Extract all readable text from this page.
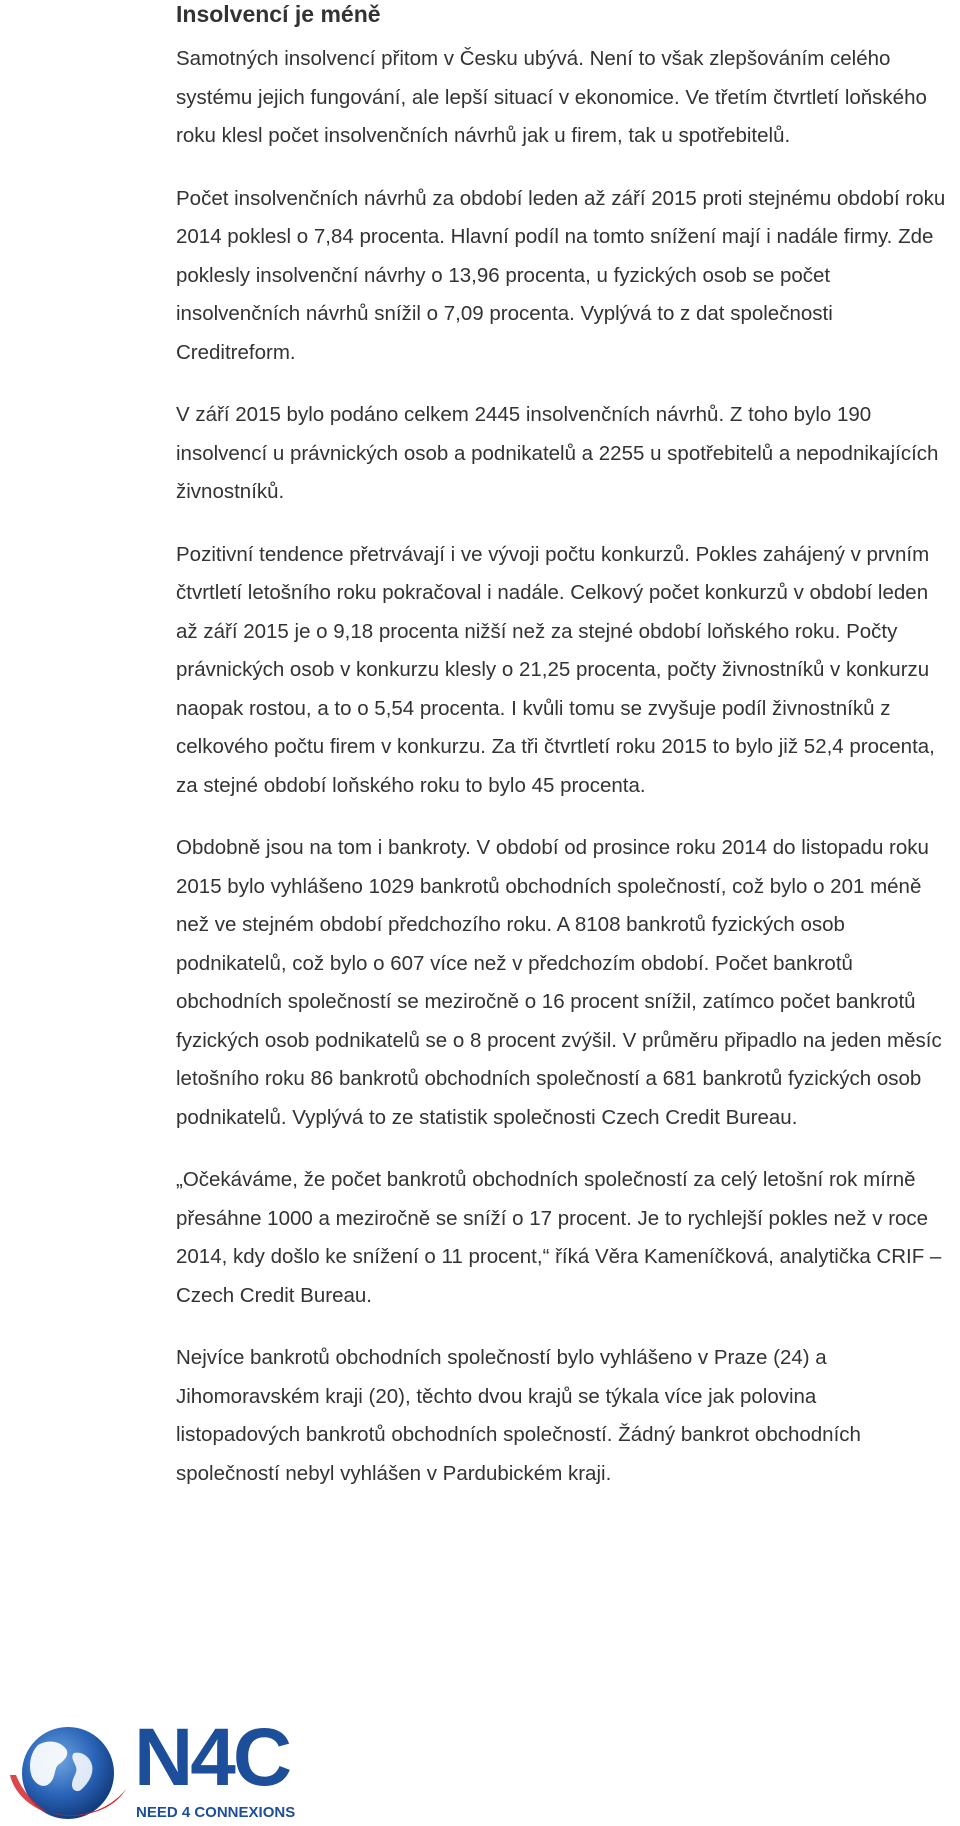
Insolvencí je méně

Samotných insolvencí přitom v Česku ubývá. Není to však zlepšováním celého systému jejich fungování, ale lepší situací v ekonomice. Ve třetím čtvrtletí loňského roku klesl počet insolvenčních návrhů jak u firem, tak u spotřebitelů.

Počet insolvenčních návrhů za období leden až září 2015 proti stejnému období roku 2014 poklesl o 7,84 procenta. Hlavní podíl na tomto snížení mají i nadále firmy. Zde poklesly insolvenční návrhy o 13,96 procenta, u fyzických osob se počet insolvenčních návrhů snížil o 7,09 procenta. Vyplývá to z dat společnosti Creditreform.

V září 2015 bylo podáno celkem 2445 insolvenčních návrhů. Z toho bylo 190 insolvencí u právnických osob a podnikatelů a 2255 u spotřebitelů a nepodnikajících živnostníků.

Pozitivní tendence přetrvávají i ve vývoji počtu konkurzů. Pokles zahájený v prvním čtvrtletí letošního roku pokračoval i nadále. Celkový počet konkurzů v období leden až září 2015 je o 9,18 procenta nižší než za stejné období loňského roku. Počty právnických osob v konkurzu klesly o 21,25 procenta, počty živnostníků v konkurzu naopak rostou, a to o 5,54 procenta. I kvůli tomu se zvyšuje podíl živnostníků z celkového počtu firem v konkurzu. Za tři čtvrtletí roku 2015 to bylo již 52,4 procenta, za stejné období loňského roku to bylo 45 procenta.

Obdobně jsou na tom i bankroty. V období od prosince roku 2014 do listopadu roku 2015 bylo vyhlášeno 1029 bankrotů obchodních společností, což bylo o 201 méně než ve stejném období předchozího roku. A 8108 bankrotů fyzických osob podnikatelů, což bylo o 607 více než v předchozím období. Počet bankrotů obchodních společností se meziročně o 16 procent snížil, zatímco počet bankrotů fyzických osob podnikatelů se o 8 procent zvýšil. V průměru připadlo na jeden měsíc letošního roku 86 bankrotů obchodních společností a 681 bankrotů fyzických osob podnikatelů. Vyplývá to ze statistik společnosti Czech Credit Bureau.

„Očekáváme, že počet bankrotů obchodních společností za celý letošní rok mírně přesáhne 1000 a meziročně se sníží o 17 procent. Je to rychlejší pokles než v roce 2014, kdy došlo ke snížení o 11 procent,“ říká Věra Kameníčková, analytička CRIF – Czech Credit Bureau.

Nejvíce bankrotů obchodních společností bylo vyhlášeno v Praze (24) a Jihomoravském kraji (20), těchto dvou krajů se týkala více jak polovina listopadových bankrotů obchodních společností. Žádný bankrot obchodních společností nebyl vyhlášen v Pardubickém kraji.

N4C
NEED 4 CONNEXIONS
